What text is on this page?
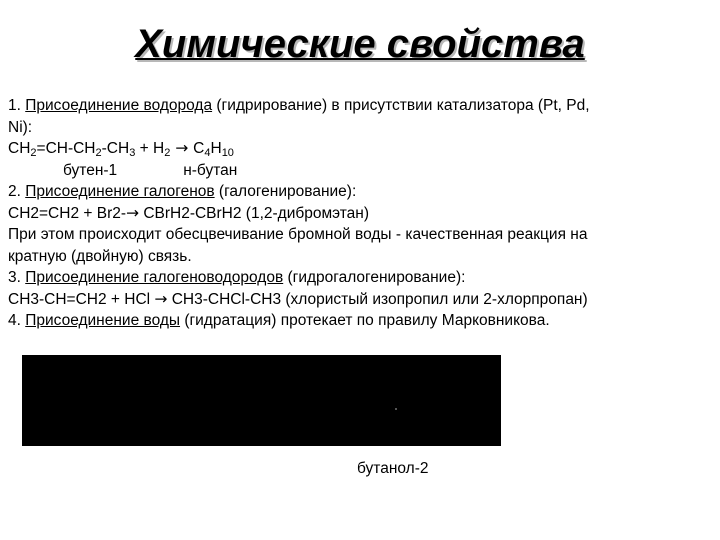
Химические свойства
1. Присоединение водорода (гидрирование) в присутствии катализатора (Pt, Pd,
Ni):
$CH_2=CH-CH_2-CH_3 + H_2 \to C_4H_{10}$
бутен-1	н-бутан
2. Присоединение галогенов (галогенирование):
CH2=CH2 + Br2-→ CBrH2-CBrH2 (1,2-дибромэтан)
При этом происходит обесцвечивание бромной воды - качественная реакция на
кратную (двойную) связь.
3. Присоединение галогеноводородов (гидрогалогенирование):
CH3-CH=CH2 + HCl → CH3-CHCl-CH3 (хлористый изопропил или 2-хлорпропан)
4. Присоединение воды (гидратация) протекает по правилу Марковникова.
бутанол-2
